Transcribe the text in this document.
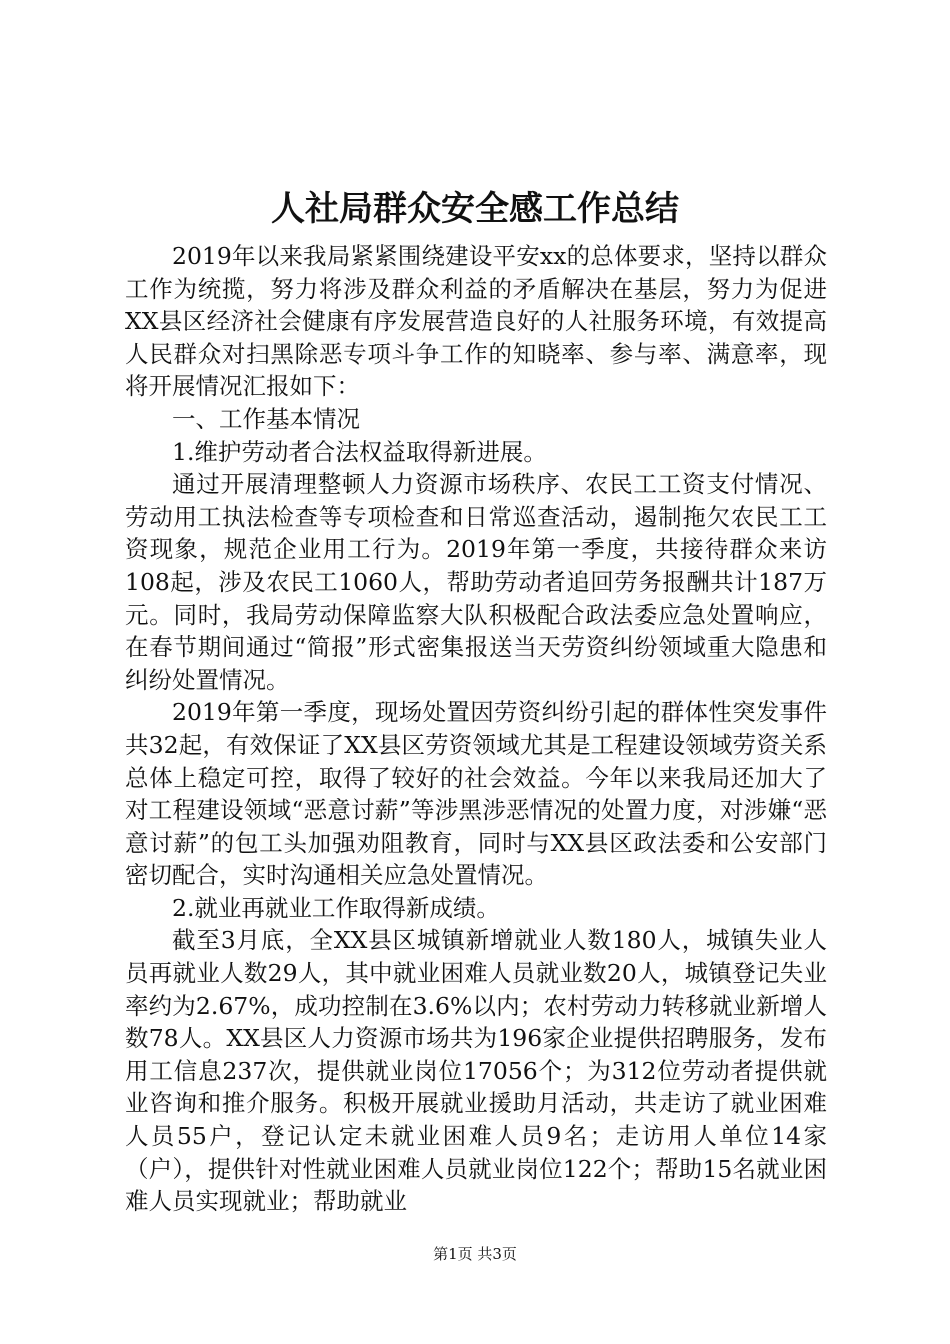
人社局群众安全感工作总结

2019年以来我局紧紧围绕建设平安xx的总体要求，坚持以群众工作为统揽，努力将涉及群众利益的矛盾解决在基层，努力为促进XX县区经济社会健康有序发展营造良好的人社服务环境，有效提高人民群众对扫黑除恶专项斗争工作的知晓率、参与率、满意率，现将开展情况汇报如下：

一、工作基本情况

1.维护劳动者合法权益取得新进展。

通过开展清理整顿人力资源市场秩序、农民工工资支付情况、劳动用工执法检查等专项检查和日常巡查活动，遏制拖欠农民工工资现象，规范企业用工行为。2019年第一季度，共接待群众来访108起，涉及农民工1060人，帮助劳动者追回劳务报酬共计187万元。同时，我局劳动保障监察大队积极配合政法委应急处置响应，在春节期间通过“简报”形式密集报送当天劳资纠纷领域重大隐患和纠纷处置情况。

2019年第一季度，现场处置因劳资纠纷引起的群体性突发事件共32起，有效保证了XX县区劳资领域尤其是工程建设领域劳资关系总体上稳定可控，取得了较好的社会效益。今年以来我局还加大了对工程建设领域“恶意讨薪”等涉黑涉恶情况的处置力度，对涉嫌“恶意讨薪”的包工头加强劝阻教育，同时与XX县区政法委和公安部门密切配合，实时沟通相关应急处置情况。

2.就业再就业工作取得新成绩。

截至3月底，全XX县区城镇新增就业人数180人，城镇失业人员再就业人数29人，其中就业困难人员就业数20人，城镇登记失业率约为2.67%，成功控制在3.6%以内；农村劳动力转移就业新增人数78人。XX县区人力资源市场共为196家企业提供招聘服务，发布用工信息237次，提供就业岗位17056个；为312位劳动者提供就业咨询和推介服务。积极开展就业援助月活动，共走访了就业困难人员55户，登记认定未就业困难人员9名；走访用人单位14家（户），提供针对性就业困难人员就业岗位122个；帮助15名就业困难人员实现就业；帮助就业

第1页 共3页
